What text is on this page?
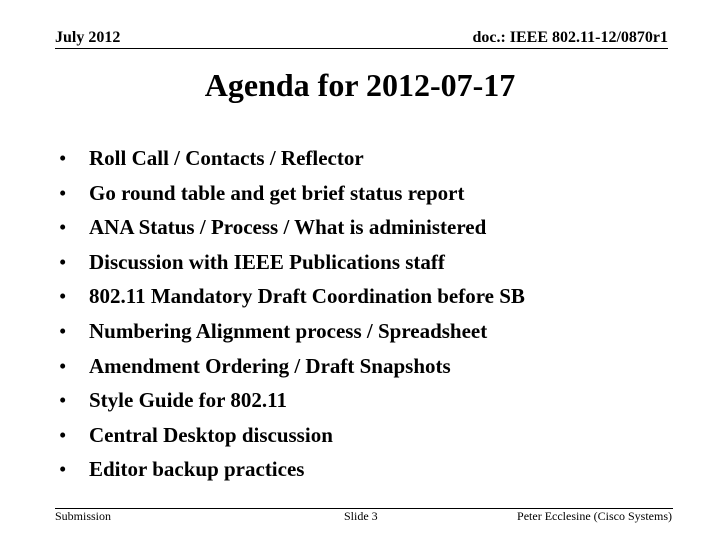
July 2012	doc.: IEEE 802.11-12/0870r1
Agenda for 2012-07-17
• Roll Call / Contacts / Reflector
• Go round table and get brief status report
• ANA Status / Process / What is administered
• Discussion with IEEE Publications staff
• 802.11 Mandatory Draft Coordination before SB
• Numbering Alignment process / Spreadsheet
• Amendment Ordering / Draft Snapshots
• Style Guide for 802.11
• Central Desktop discussion
• Editor backup practices
Submission	Slide 3	Peter Ecclesine (Cisco Systems)
